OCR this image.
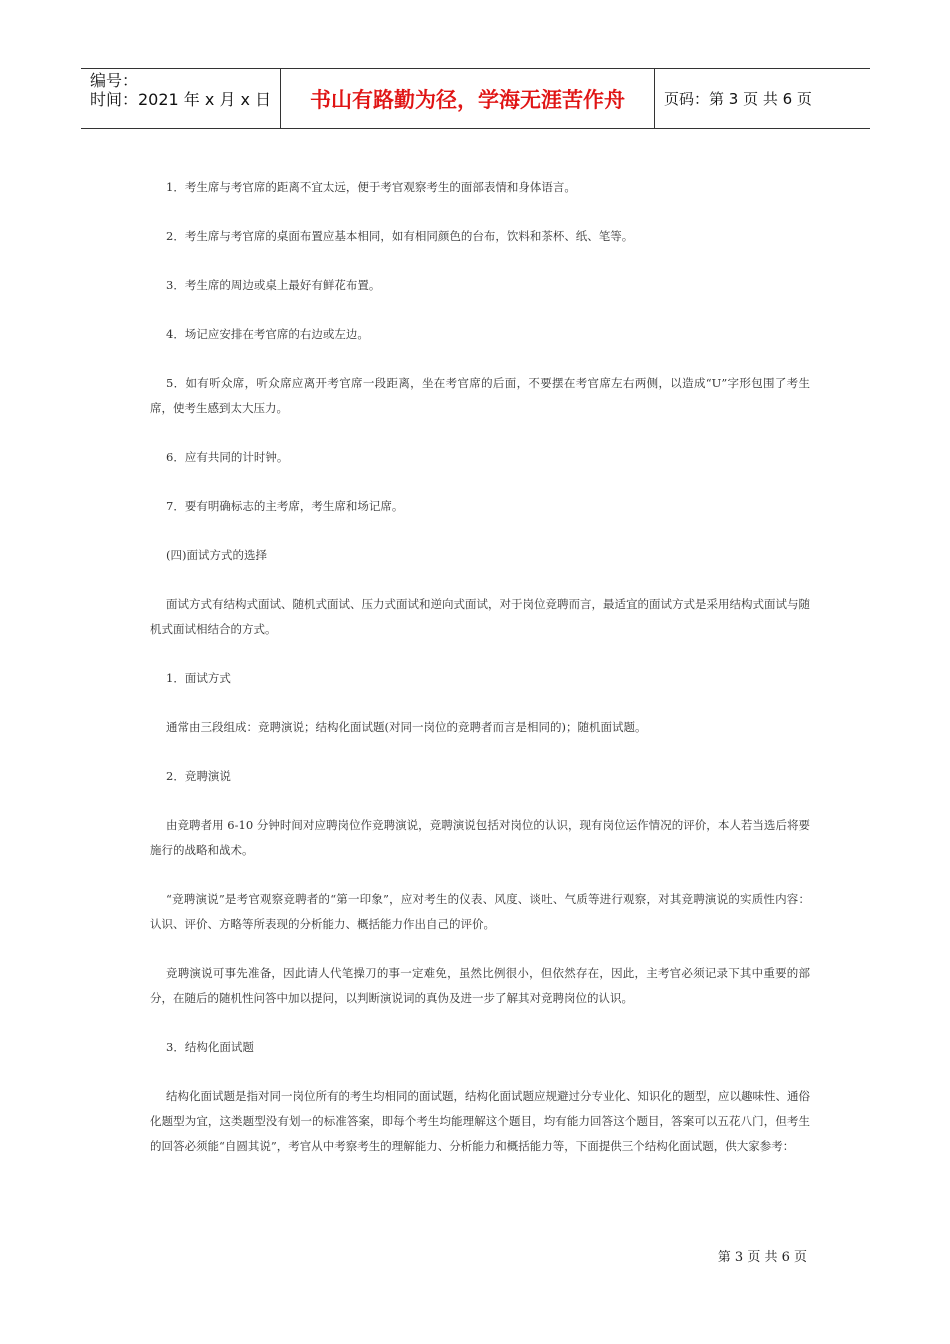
编号：
时间：2021 年 x 月 x 日	书山有路勤为径，学海无涯苦作舟	页码：第 3 页 共 6 页

1．考生席与考官席的距离不宜太远，便于考官观察考生的面部表情和身体语言。

2．考生席与考官席的桌面布置应基本相同，如有相同颜色的台布，饮料和茶杯、纸、笔等。

3．考生席的周边或桌上最好有鲜花布置。

4．场记应安排在考官席的右边或左边。

5．如有听众席，听众席应离开考官席一段距离，坐在考官席的后面，不要摆在考官席左右两侧，以造成“U”字形包围了考生席，使考生感到太大压力。

6．应有共同的计时钟。

7．要有明确标志的主考席，考生席和场记席。

(四)面试方式的选择

面试方式有结构式面试、随机式面试、压力式面试和逆向式面试，对于岗位竞聘而言，最适宜的面试方式是采用结构式面试与随机式面试相结合的方式。

1．面试方式

通常由三段组成：竞聘演说；结构化面试题(对同一岗位的竞聘者而言是相同的)；随机面试题。

2．竞聘演说

由竞聘者用 6-10 分钟时间对应聘岗位作竞聘演说，竞聘演说包括对岗位的认识，现有岗位运作情况的评价，本人若当选后将要施行的战略和战术。

“竞聘演说”是考官观察竞聘者的“第一印象”，应对考生的仪表、风度、谈吐、气质等进行观察，对其竞聘演说的实质性内容：认识、评价、方略等所表现的分析能力、概括能力作出自己的评价。

竞聘演说可事先准备，因此请人代笔操刀的事一定难免，虽然比例很小，但依然存在，因此，主考官必须记录下其中重要的部分，在随后的随机性问答中加以提问，以判断演说词的真伪及进一步了解其对竞聘岗位的认识。

3．结构化面试题

结构化面试题是指对同一岗位所有的考生均相同的面试题，结构化面试题应规避过分专业化、知识化的题型，应以趣味性、通俗化题型为宜，这类题型没有划一的标准答案，即每个考生均能理解这个题目，均有能力回答这个题目，答案可以五花八门，但考生的回答必须能“自圆其说”，考官从中考察考生的理解能力、分析能力和概括能力等，下面提供三个结构化面试题，供大家参考：

第 3 页 共 6 页
